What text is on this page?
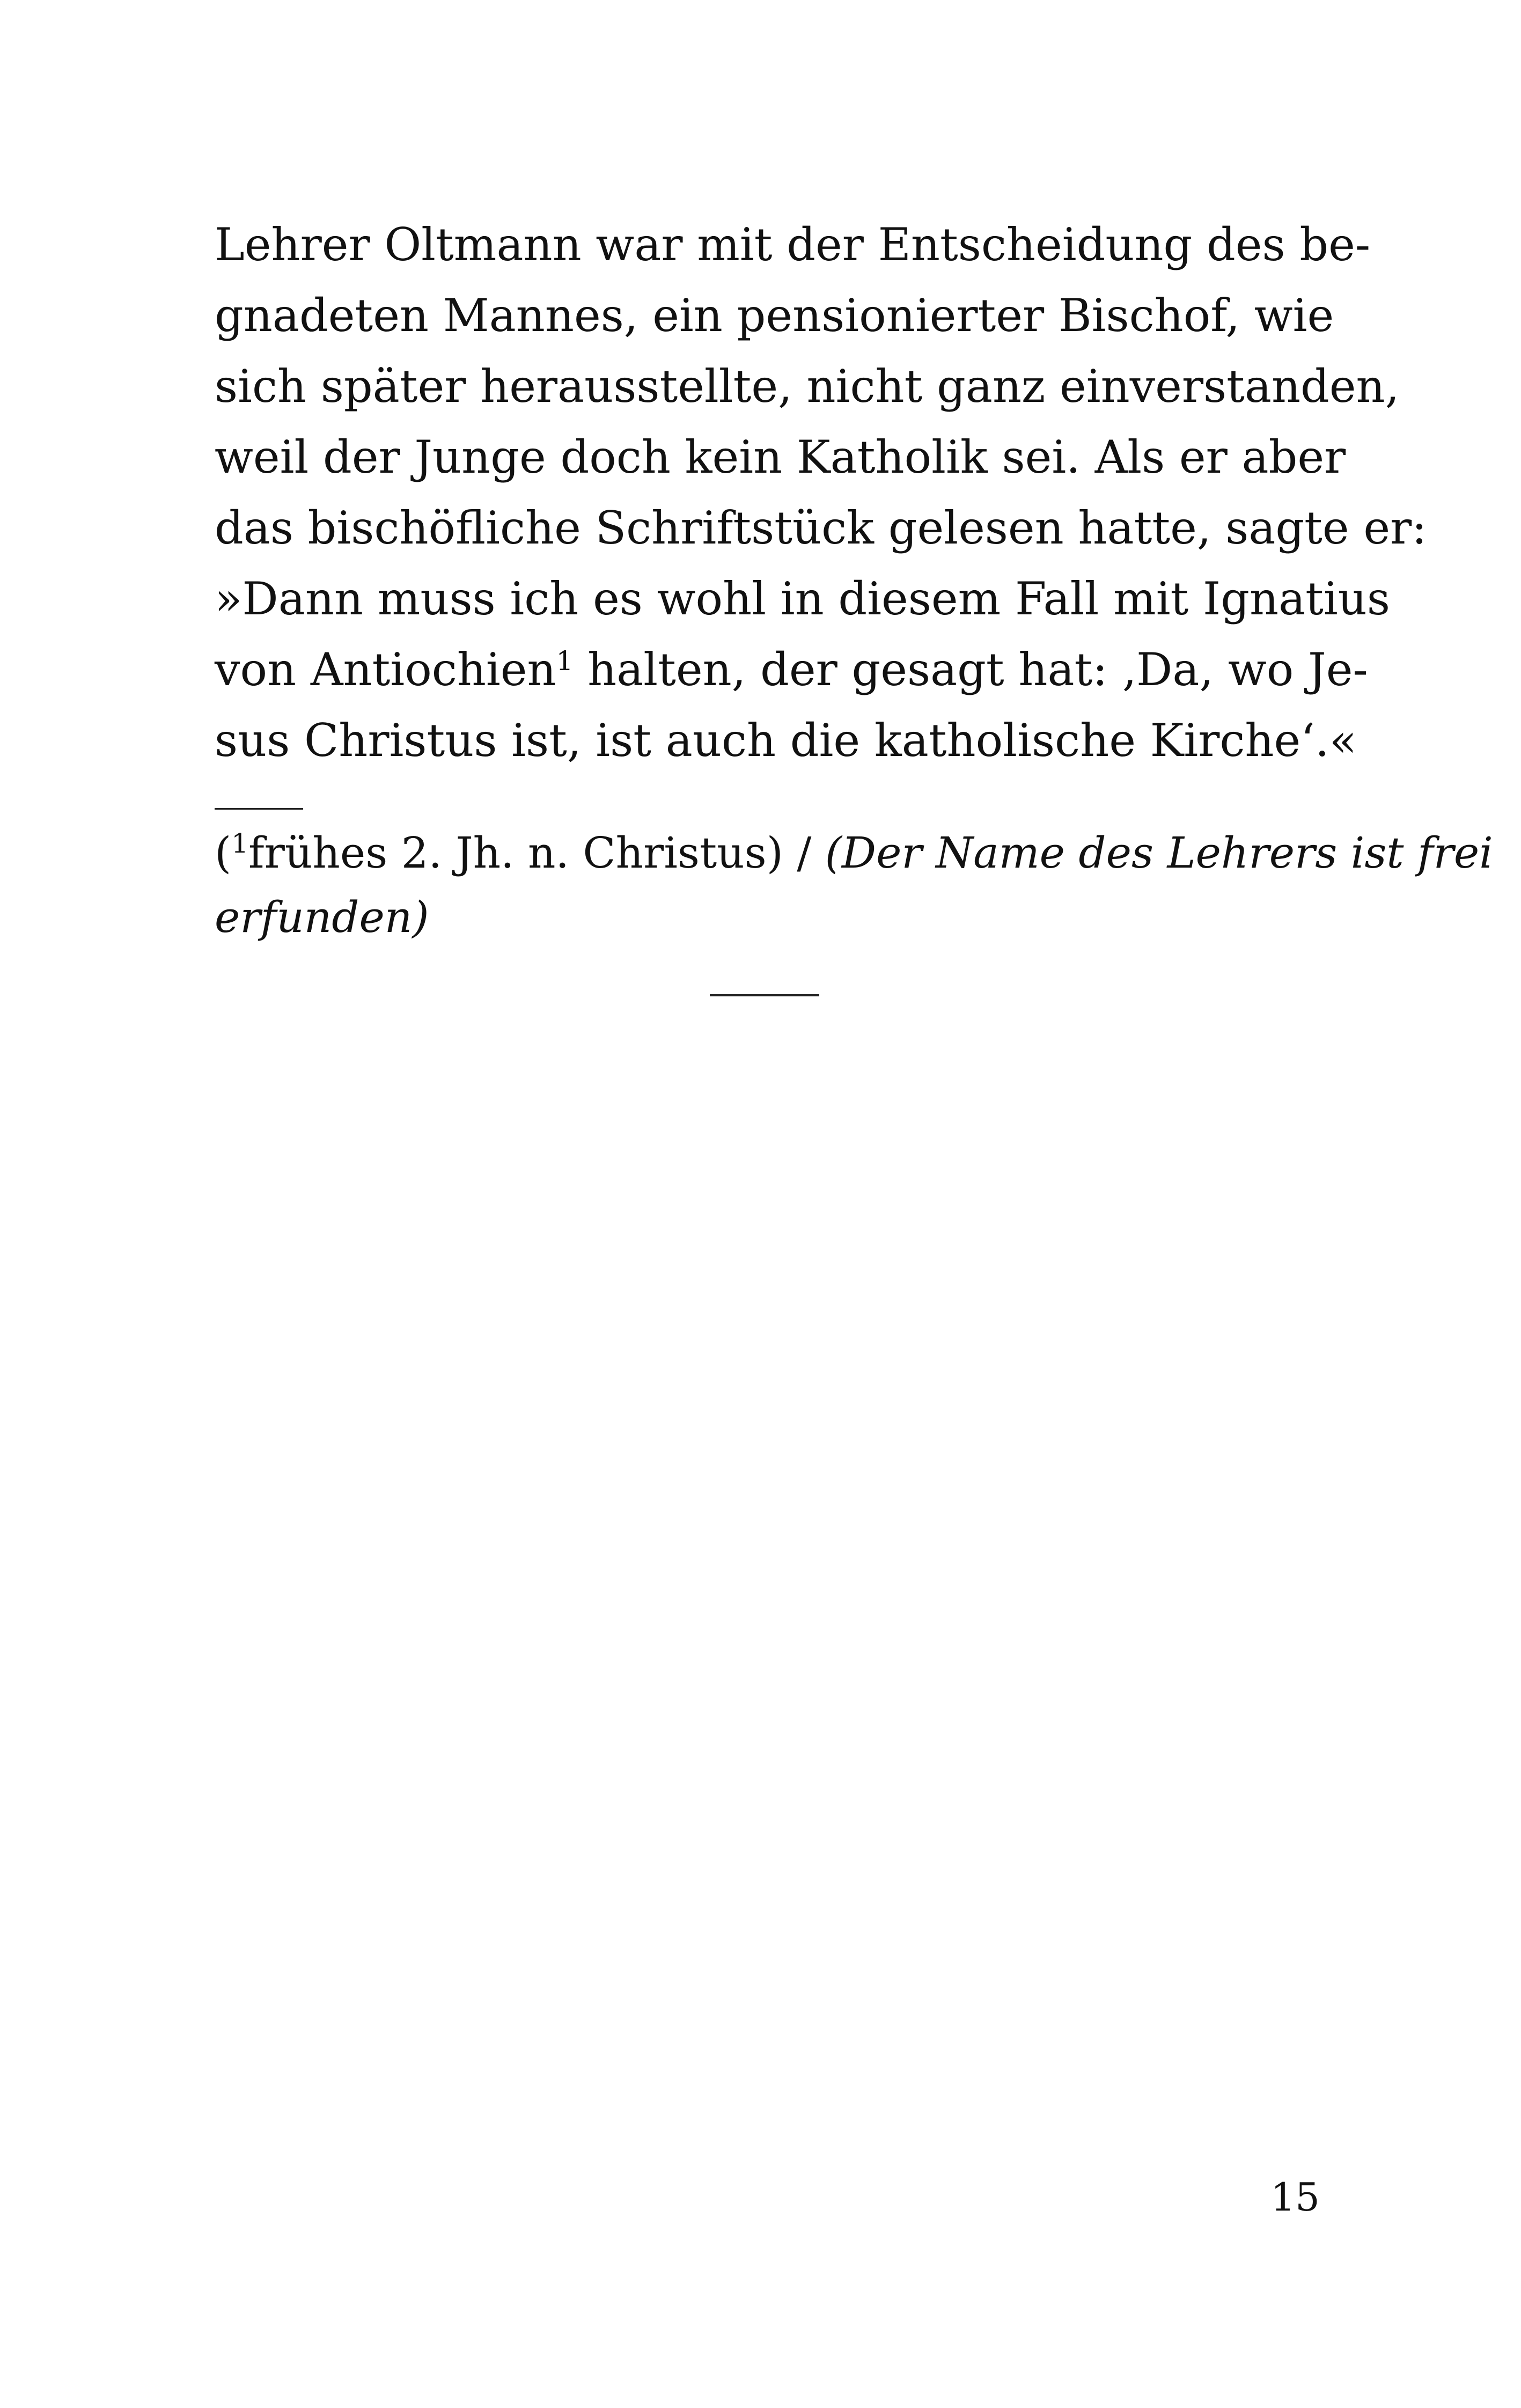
Lehrer Oltmann war mit der Entscheidung des be-
gnadeten Mannes, ein pensionierter Bischof, wie
sich später herausstellte, nicht ganz einverstanden,
weil der Junge doch kein Katholik sei. Als er aber
das bischöfliche Schriftstück gelesen hatte, sagte er:
»Dann muss ich es wohl in diesem Fall mit Ignatius
von Antiochien$^1$ halten, der gesagt hat: ‚Da, wo Je-
sus Christus ist, ist auch die katholische Kirche‘.«
($^1$frühes 2. Jh. n. Christus) / (Der Name des Lehrers ist frei
erfunden)
15
